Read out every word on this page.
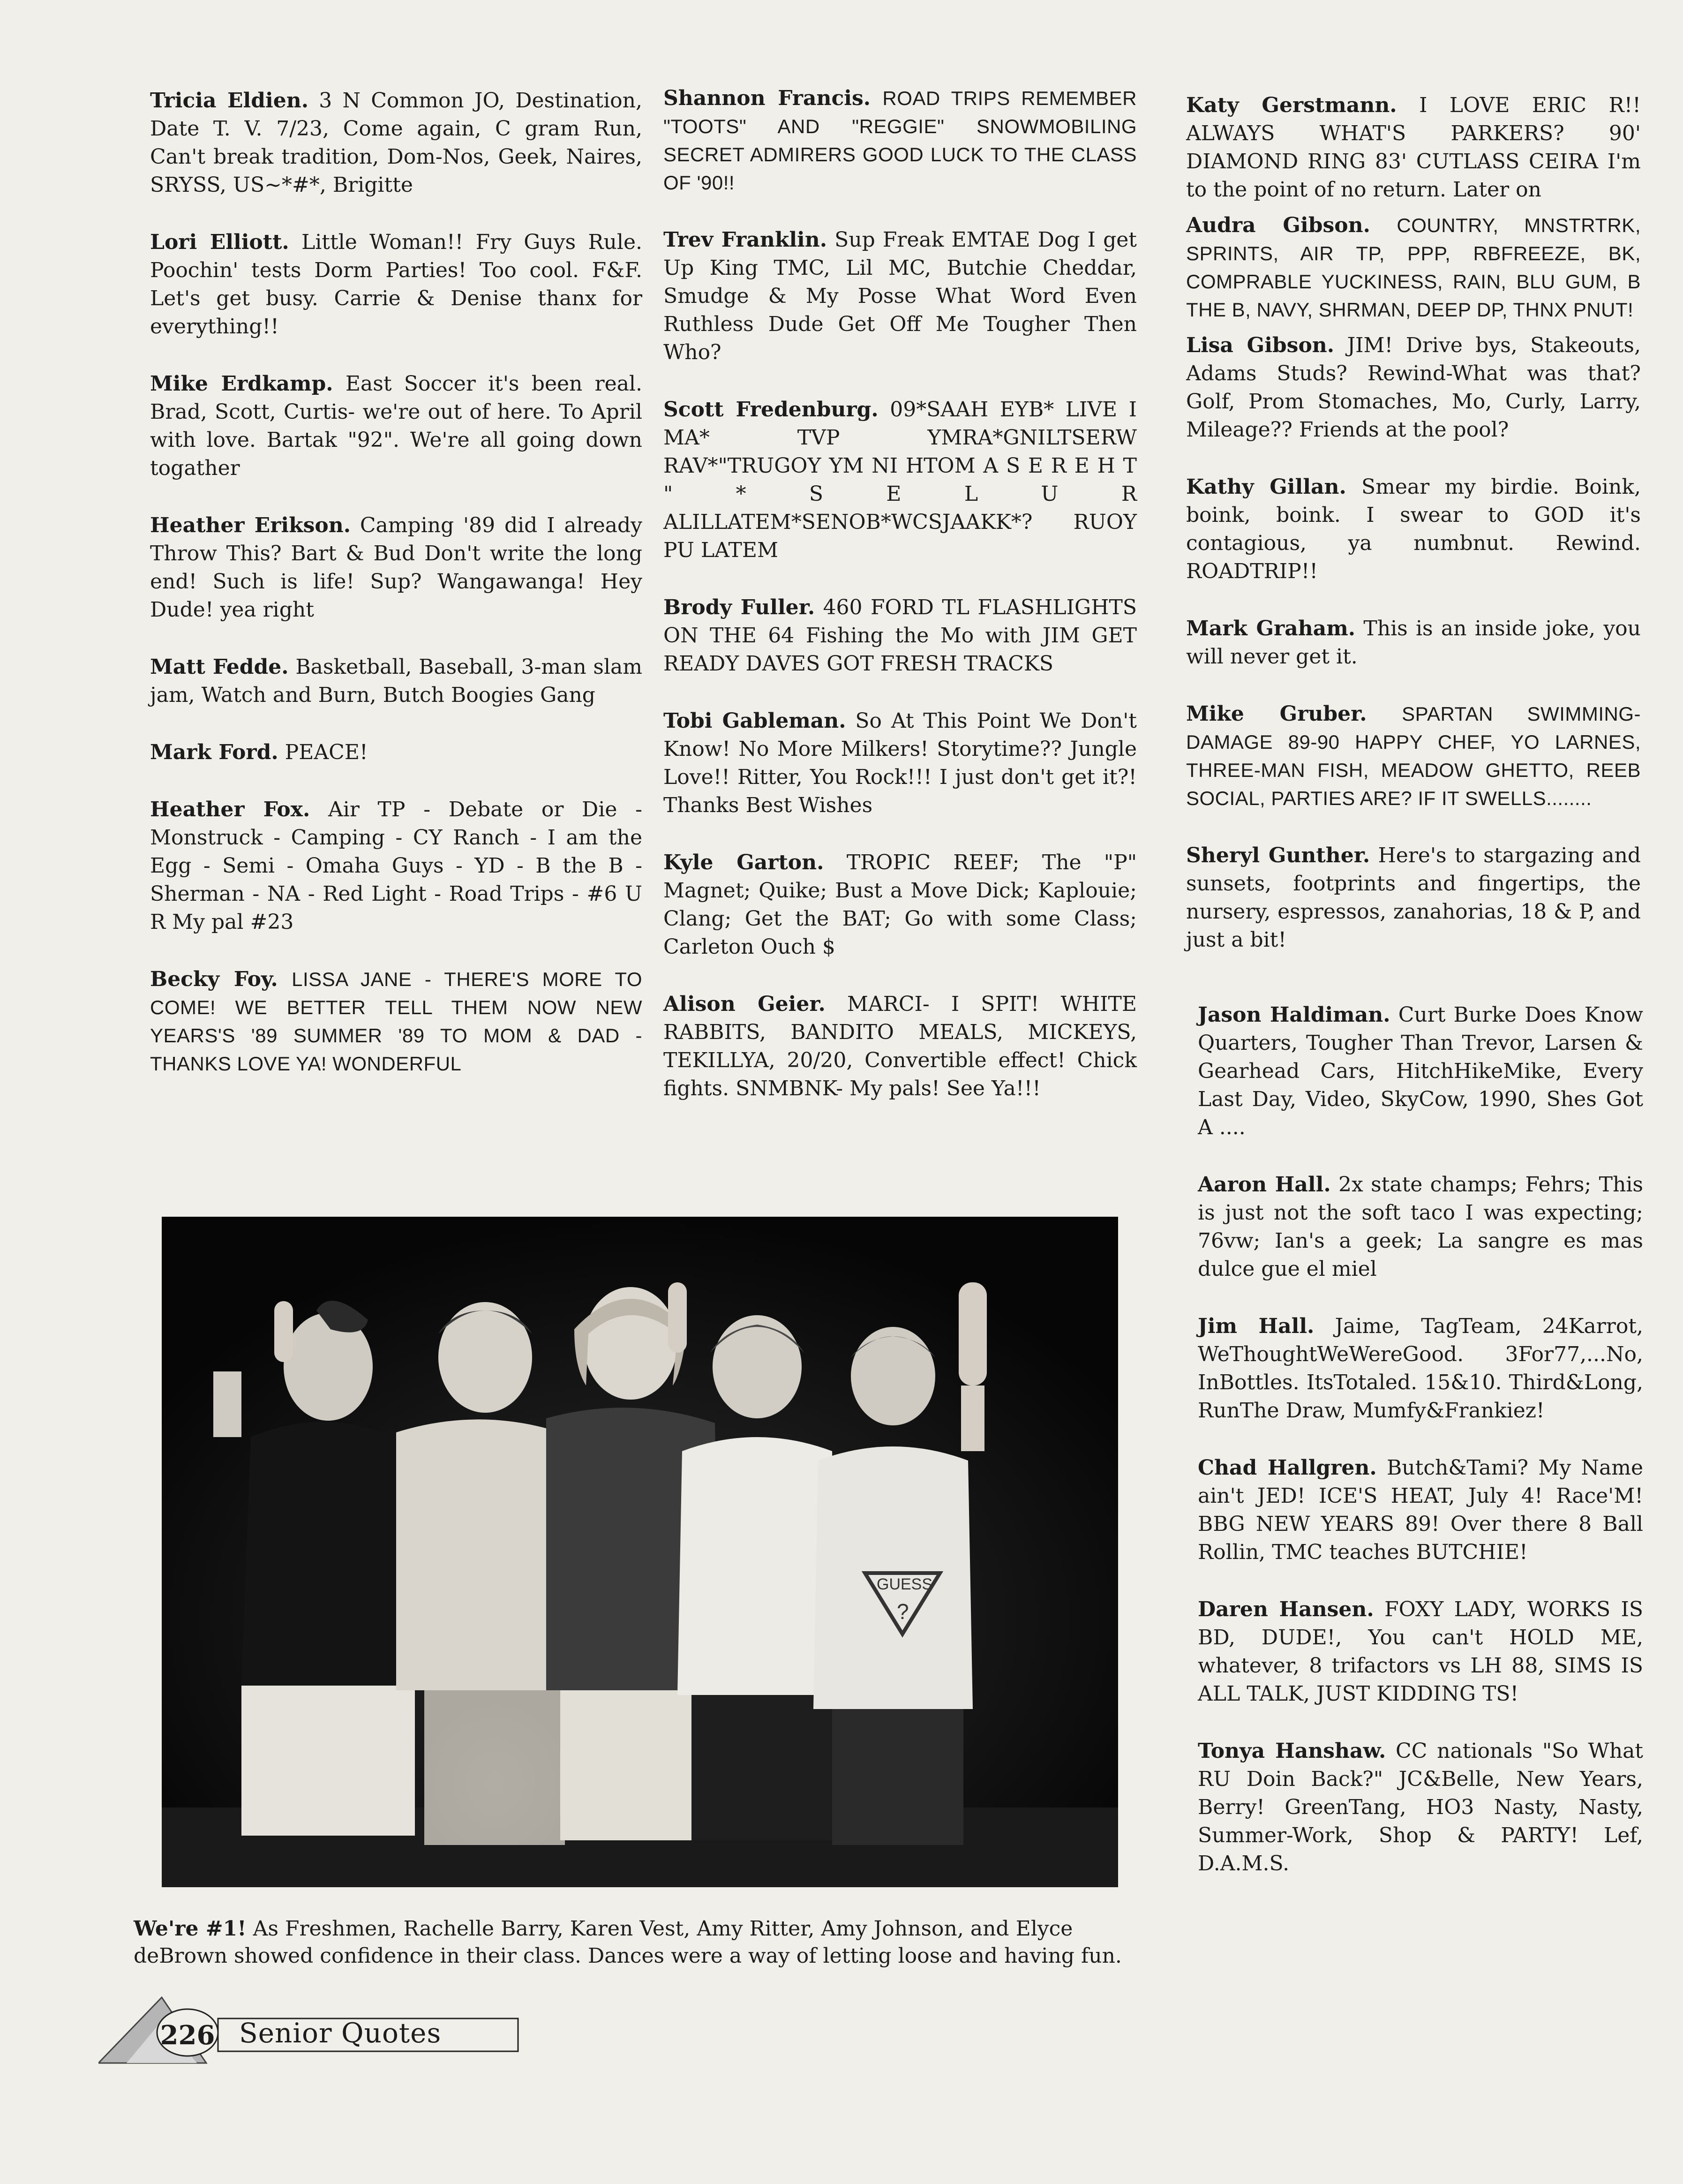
Tricia Eldien. 3 N Common JO, Destination, Date T. V. 7/23, Come again, C gram Run, Can't break tradition, Dom-Nos, Geek, Naires, SRYSS, US~*#*, Brigitte
Lori Elliott. Little Woman!! Fry Guys Rule. Poochin' tests Dorm Parties! Too cool. F&F. Let's get busy. Carrie & Denise thanx for everything!!
Mike Erdkamp. East Soccer it's been real. Brad, Scott, Curtis- we're out of here. To April with love. Bartak "92". We're all going down togather
Heather Erikson. Camping '89 did I already Throw This? Bart & Bud Don't write the long end! Such is life! Sup? Wangawanga! Hey Dude! yea right
Matt Fedde. Basketball, Baseball, 3-man slam jam, Watch and Burn, Butch Boogies Gang
Mark Ford. PEACE!
Heather Fox. Air TP - Debate or Die - Monstruck - Camping - CY Ranch - I am the Egg - Semi - Omaha Guys - YD - B the B - Sherman - NA - Red Light - Road Trips - #6 U R My pal #23
Becky Foy. LISSA JANE - THERE'S MORE TO COME! WE BETTER TELL THEM NOW NEW YEARS'S '89 SUMMER '89 TO MOM & DAD - THANKS LOVE YA! WONDERFUL
Shannon Francis. ROAD TRIPS REMEMBER "TOOTS" AND "REGGIE" SNOWMOBILING SECRET ADMIRERS GOOD LUCK TO THE CLASS OF '90!!
Trev Franklin. Sup Freak EMTAE Dog I get Up King TMC, Lil MC, Butchie Cheddar, Smudge & My Posse What Word Even Ruthless Dude Get Off Me Tougher Then Who?
Scott Fredenburg. 09*SAAH EYB* LIVE I MA* TVP YMRA*GNILTSERW RAV*"TRUGOY YM NI HTOM A S E R E H T " * S E L U R ALILLATEM*SENOB*WCSJAAKK*? RUOY PU LATEM
Brody Fuller. 460 FORD TL FLASHLIGHTS ON THE 64 Fishing the Mo with JIM GET READY DAVES GOT FRESH TRACKS
Tobi Gableman. So At This Point We Don't Know! No More Milkers! Storytime?? Jungle Love!! Ritter, You Rock!!! I just don't get it?! Thanks Best Wishes
Kyle Garton. TROPIC REEF; The "P" Magnet; Quike; Bust a Move Dick; Kaplouie; Clang; Get the BAT; Go with some Class; Carleton Ouch $
Alison Geier. MARCI- I SPIT! WHITE RABBITS, BANDITO MEALS, MICKEYS, TEKILLYA, 20/20, Convertible effect! Chick fights. SNMBNK- My pals! See Ya!!!
Katy Gerstmann. I LOVE ERIC R!! ALWAYS WHAT'S PARKERS? 90' DIAMOND RING 83' CUTLASS CEIRA I'm to the point of no return. Later on
Audra Gibson. COUNTRY, MNSTRTRK, SPRINTS, AIR TP, PPP, RBFREEZE, BK, COMPRABLE YUCKINESS, RAIN, BLU GUM, B THE B, NAVY, SHRMAN, DEEP DP, THNX PNUT!
Lisa Gibson. JIM! Drive bys, Stakeouts, Adams Studs? Rewind-What was that? Golf, Prom Stomaches, Mo, Curly, Larry, Mileage?? Friends at the pool?
Kathy Gillan. Smear my birdie. Boink, boink, boink. I swear to GOD it's contagious, ya numbnut. Rewind. ROADTRIP!!
Mark Graham. This is an inside joke, you will never get it.
Mike Gruber. SPARTAN SWIMMING-DAMAGE 89-90 HAPPY CHEF, YO LARNES, THREE-MAN FISH, MEADOW GHETTO, REEB SOCIAL, PARTIES ARE? IF IT SWELLS........
Sheryl Gunther. Here's to stargazing and sunsets, footprints and fingertips, the nursery, espressos, zanahorias, 18 & P, and just a bit!
Jason Haldiman. Curt Burke Does Know Quarters, Tougher Than Trevor, Larsen & Gearhead Cars, HitchHikeMike, Every Last Day, Video, SkyCow, 1990, Shes Got A ....
Aaron Hall. 2x state champs; Fehrs; This is just not the soft taco I was expecting; 76vw; Ian's a geek; La sangre es mas dulce gue el miel
Jim Hall. Jaime, TagTeam, 24Karrot, WeThoughtWeWereGood. 3For77,...No, InBottles. ItsTotaled. 15&10. Third&Long, RunThe Draw, Mumfy&Frankiez!
Chad Hallgren. Butch&Tami? My Name ain't JED! ICE'S HEAT, July 4! Race'M! BBG NEW YEARS 89! Over there 8 Ball Rollin, TMC teaches BUTCHIE!
Daren Hansen. FOXY LADY, WORKS IS BD, DUDE!, You can't HOLD ME, whatever, 8 trifactors vs LH 88, SIMS IS ALL TALK, JUST KIDDING TS!
Tonya Hanshaw. CC nationals "So What RU Doin Back?" JC&Belle, New Years, Berry! GreenTang, HO3 Nasty, Nasty, Summer-Work, Shop & PARTY! Lef, D.A.M.S.
GUESS
?
We're #1! As Freshmen, Rachelle Barry, Karen Vest, Amy Ritter, Amy Johnson, and Elyce deBrown showed confidence in their class. Dances were a way of letting loose and having fun.
226 Senior Quotes
